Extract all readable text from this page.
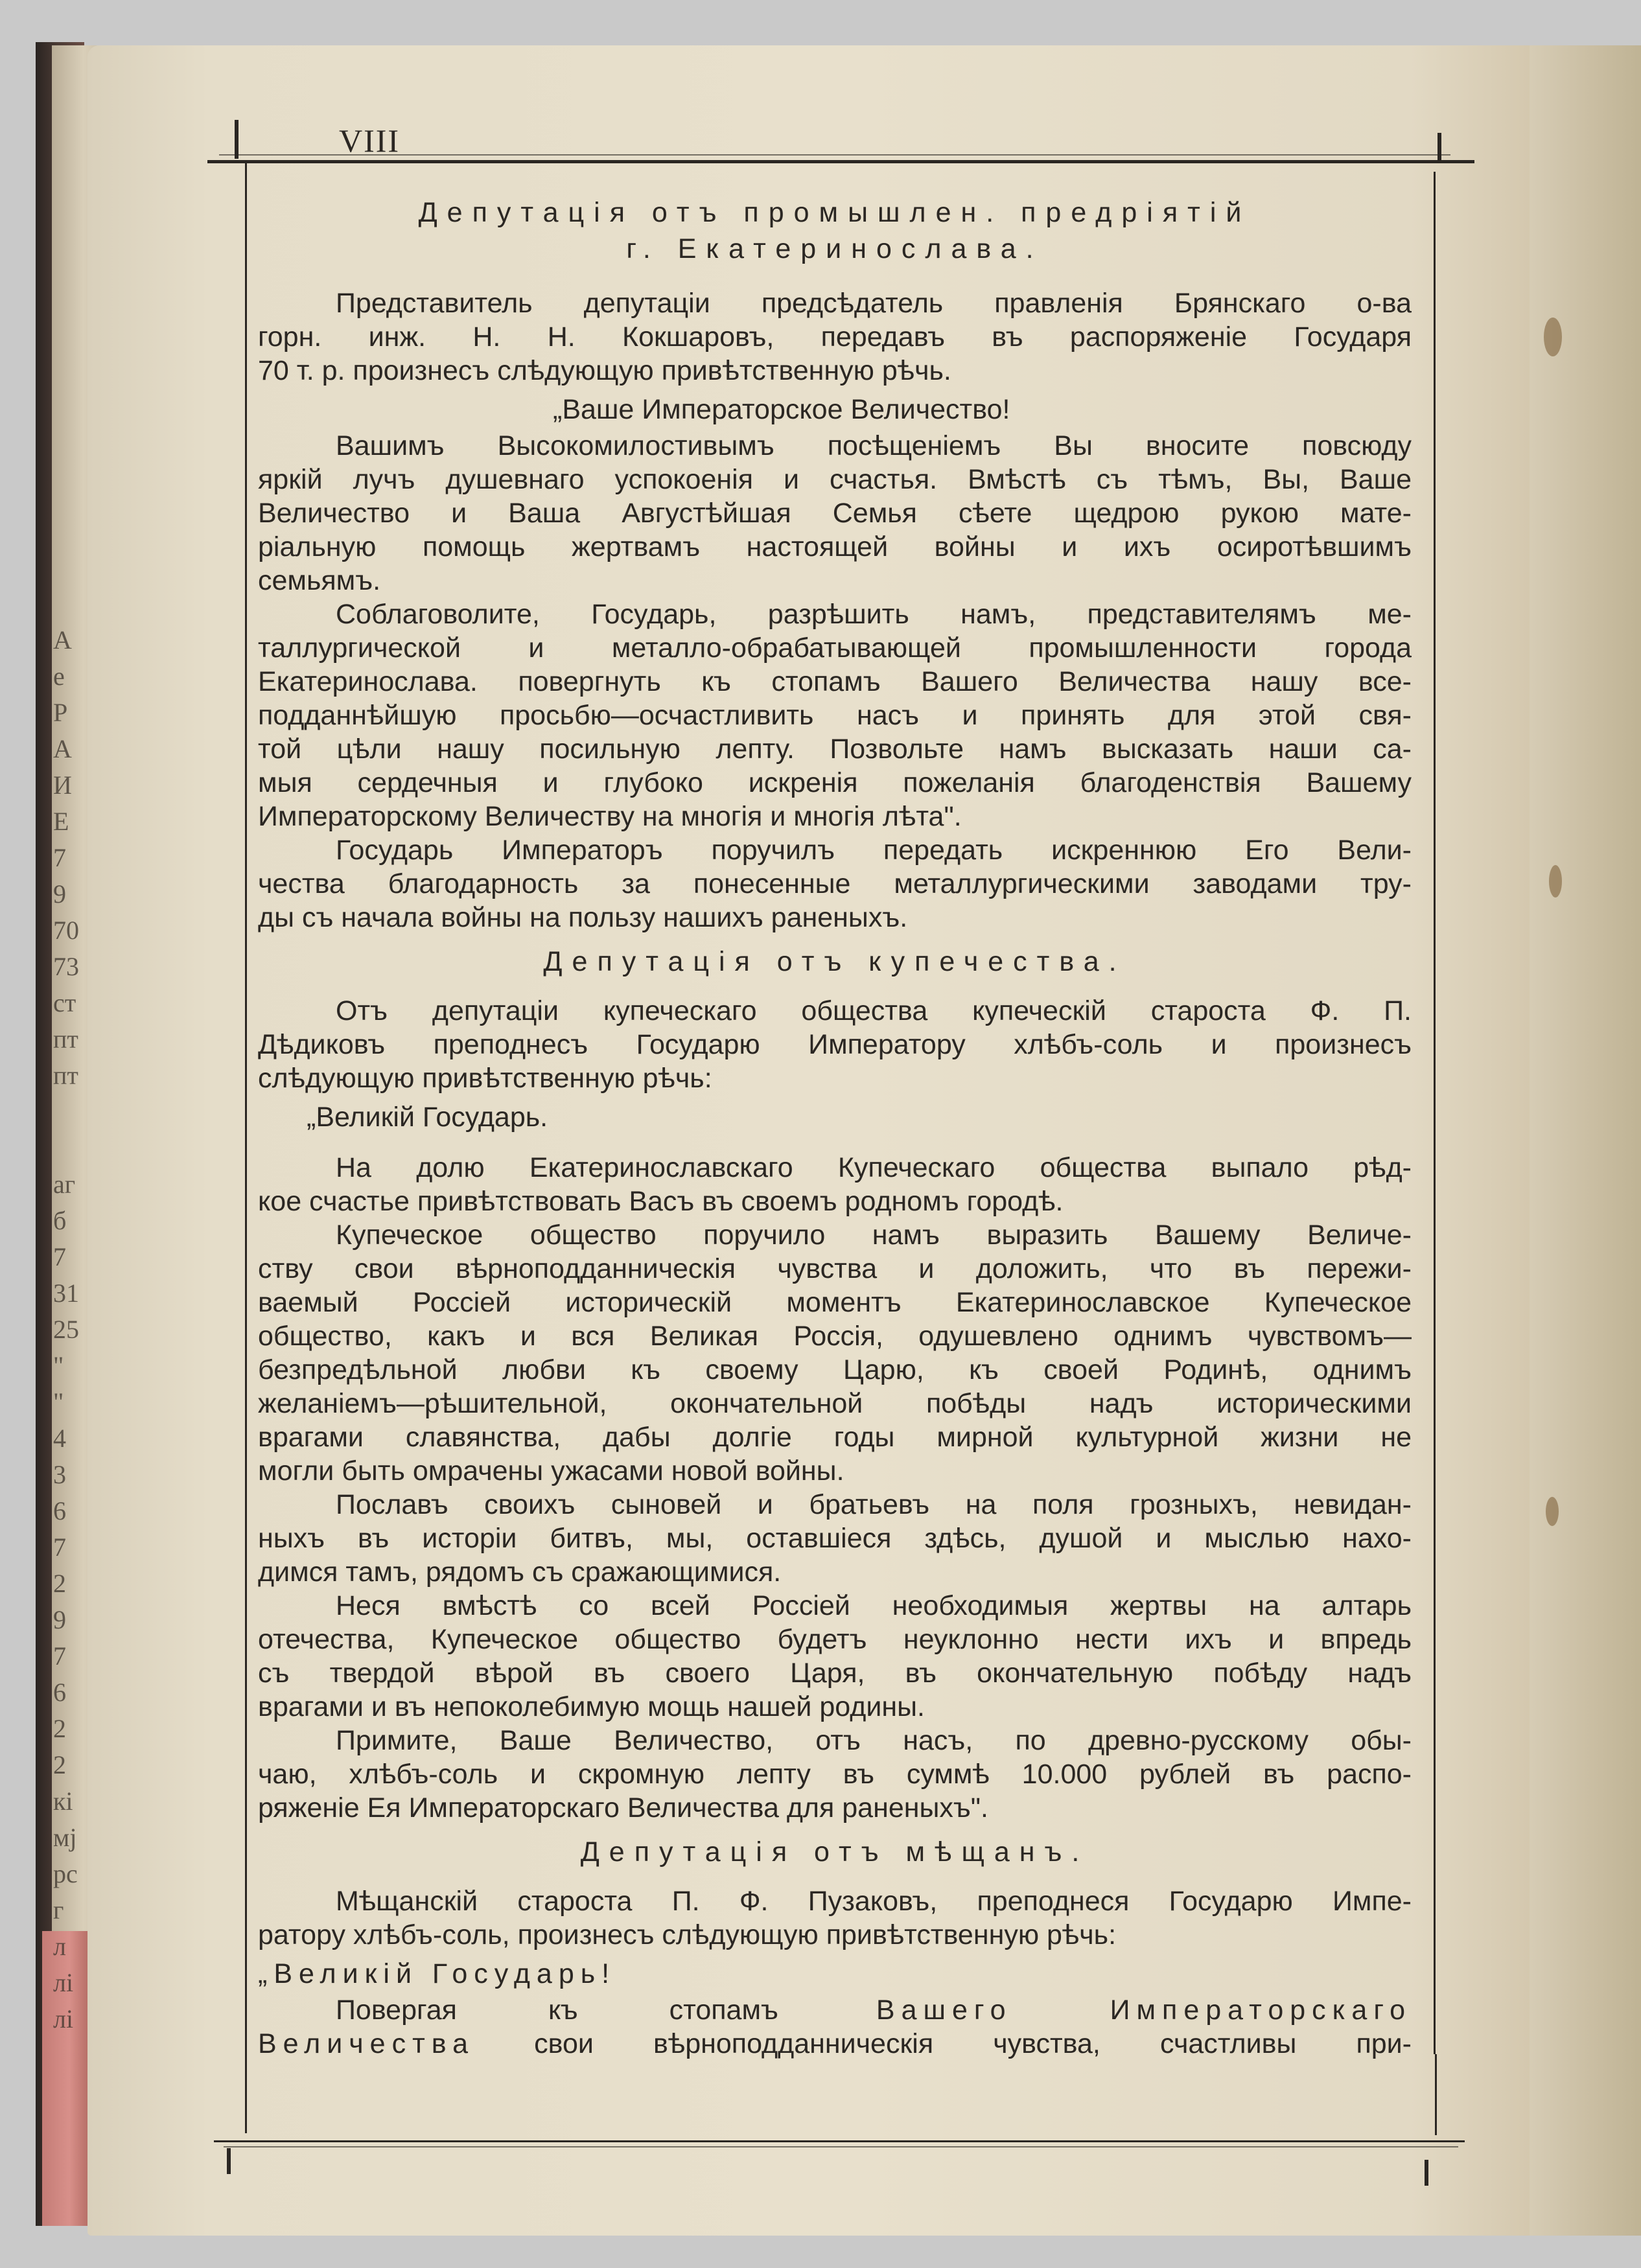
А
е
Р
А
И
Е
7
9
70
73
ст
пт
пт
аг
б
7
31
25
"
"
4
3
6
7
2
9
7
6
2
2
кі
мј
рс
г
л
лі
лі
VIII
Депутація отъ промышлен. предріятій
г. Екатеринослава.
Представитель депутаціи предсѣдатель правленія Брянскаго о-ва
горн. инж. Н. Н. Кокшаровъ, передавъ въ распоряженіе Государя
70 т. р. произнесъ слѣдующую привѣтственную рѣчь.
„Ваше Императорское Величество!
Вашимъ Высокомилостивымъ посѣщеніемъ Вы вносите повсюду
яркій лучъ душевнаго успокоенія и счастья. Вмѣстѣ съ тѣмъ, Вы, Ваше
Величество и Ваша Августѣйшая Семья сѣете щедрою рукою мате-
ріальную помощь жертвамъ настоящей войны и ихъ осиротѣвшимъ
семьямъ.
Соблаговолите, Государь, разрѣшить намъ, представителямъ ме-
таллургической и металло-обрабатывающей промышленности города
Екатеринослава. повергнуть къ стопамъ Вашего Величества нашу все-
подданнѣйшую просьбю—осчастливить насъ и принять для этой свя-
той цѣли нашу посильную лепту. Позвольте намъ высказать наши са-
мыя сердечныя и глубоко искренія пожеланія благоденствія Вашему
Императорскому Величеству на многія и многія лѣта".
Государь Императоръ поручилъ передать искреннюю Его Вели-
чества благодарность за понесенные металлургическими заводами тру-
ды съ начала войны на пользу нашихъ раненыхъ.
Депутація отъ купечества.
Отъ депутаціи купеческаго общества купеческій староста Ф. П.
Дѣдиковъ преподнесъ Государю Императору хлѣбъ-соль и произнесъ
слѣдующую привѣтственную рѣчь:
„Великій Государь.
На долю Екатеринославскаго Купеческаго общества выпало рѣд-
кое счастье привѣтствовать Васъ въ своемъ родномъ городѣ.
Купеческое общество поручило намъ выразить Вашему Величе-
ству свои вѣрноподданническія чувства и доложить, что въ пережи-
ваемый Россіей историческій моментъ Екатеринославское Купеческое
общество, какъ и вся Великая Россія, одушевлено однимъ чувствомъ—
безпредѣльной любви къ своему Царю, къ своей Родинѣ, однимъ
желаніемъ—рѣшительной, окончательной побѣды надъ историческими
врагами славянства, дабы долгіе годы мирной культурной жизни не
могли быть омрачены ужасами новой войны.
Пославъ своихъ сыновей и братьевъ на поля грозныхъ, невидан-
ныхъ въ исторіи битвъ, мы, оставшіеся здѣсь, душой и мыслью нахо-
димся тамъ, рядомъ съ сражающимися.
Неся вмѣстѣ со всей Россіей необходимыя жертвы на алтарь
отечества, Купеческое общество будетъ неуклонно нести ихъ и впредь
съ твердой вѣрой въ своего Царя, въ окончательную побѣду надъ
врагами и въ непоколебимую мощь нашей родины.
Примите, Ваше Величество, отъ насъ, по древно-русскому обы-
чаю, хлѣбъ-соль и скромную лепту въ суммѣ 10.000 рублей въ распо-
ряженіе Ея Императорскаго Величества для раненыхъ".
Депутація отъ мѣщанъ.
Мѣщанскій староста П. Ф. Пузаковъ, преподнеся Государю Импе-
ратору хлѣбъ-соль, произнесъ слѣдующую привѣтственную рѣчь:
„Великій Государь!
Повергая къ стопамъ Вашего Императорскаго
Величества свои вѣрноподданническія чувства, счастливы при-
